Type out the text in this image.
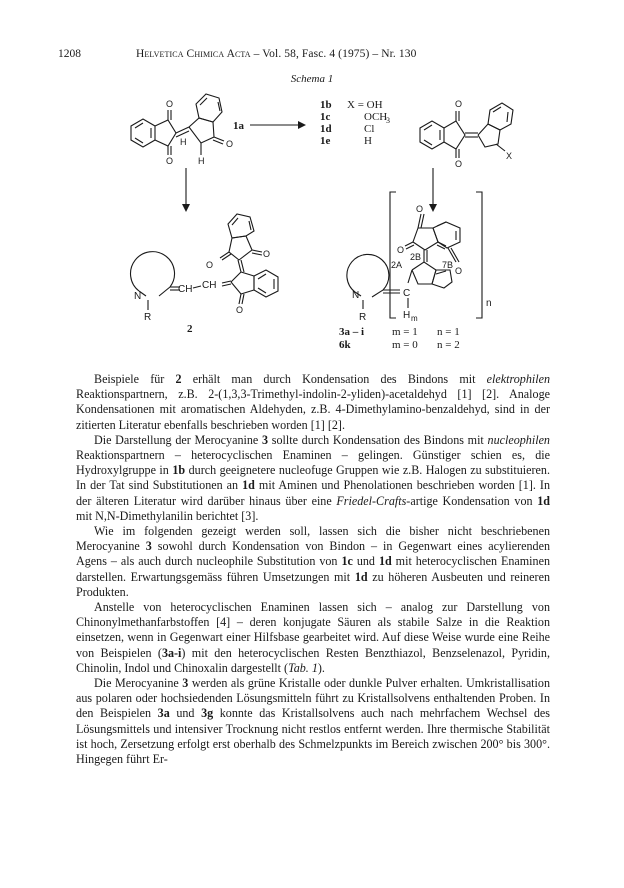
1208	Helvetica Chimica Acta – Vol. 58, Fasc. 4 (1975) – Nr. 130
Schema 1
O
O
O
H
H
1a
1b X = OH
1c	OCH
3
1d	Cl
1e	H
O
O
X
N
R
CH CH
O
O
O
2
N
R
C
H m
n
2A
2B
7B
O
O
O
3a – i	m = 1 n = 1
6k	m = 0 n = 2

Beispiele für 2 erhält man durch Kondensation des Bindons mit elektrophilen Reaktionspartnern, z.B. 2-(1,3,3-Trimethyl-indolin-2-yliden)-acetaldehyd [1] [2]. Analoge Kondensationen mit aromatischen Aldehyden, z.B. 4-Dimethylamino-benzaldehyd, sind in der zitierten Literatur ebenfalls beschrieben worden [1] [2].

Die Darstellung der Merocyanine 3 sollte durch Kondensation des Bindons mit nucleophilen Reaktionspartnern – heterocyclischen Enaminen – gelingen. Günstiger schien es, die Hydroxylgruppe in 1b durch geeignetere nucleofuge Gruppen wie z.B. Halogen zu substituieren. In der Tat sind Substitutionen an 1d mit Aminen und Phenolationen beschrieben worden [1]. In der älteren Literatur wird darüber hinaus über eine Friedel-Crafts-artige Kondensation von 1d mit N,N-Dimethylanilin berichtet [3].

Wie im folgenden gezeigt werden soll, lassen sich die bisher nicht beschriebenen Merocyanine 3 sowohl durch Kondensation von Bindon – in Gegenwart eines acylierenden Agens – als auch durch nucleophile Substitution von 1c und 1d mit heterocyclischen Enaminen darstellen. Erwartungsgemäss führen Umsetzungen mit 1d zu höheren Ausbeuten und reineren Produkten.

Anstelle von heterocyclischen Enaminen lassen sich – analog zur Darstellung von Chinonylmethanfarbstoffen [4] – deren konjugate Säuren als stabile Salze in die Reaktion einsetzen, wenn in Gegenwart einer Hilfsbase gearbeitet wird. Auf diese Weise wurde eine Reihe von Beispielen (3a-i) mit den heterocyclischen Resten Benzthiazol, Benzselenazol, Pyridin, Chinolin, Indol und Chinoxalin dargestellt (Tab. 1).

Die Merocyanine 3 werden als grüne Kristalle oder dunkle Pulver erhalten. Umkristallisation aus polaren oder hochsiedenden Lösungsmitteln führt zu Kristallsolvens enthaltenden Proben. In den Beispielen 3a und 3g konnte das Kristallsolvens auch nach mehrfachem Wechsel des Lösungsmittels und intensiver Trocknung nicht restlos entfernt werden. Ihre thermische Stabilität ist hoch, Zersetzung erfolgt erst oberhalb des Schmelzpunkts im Bereich zwischen 200° bis 300°. Hingegen führt Er-
